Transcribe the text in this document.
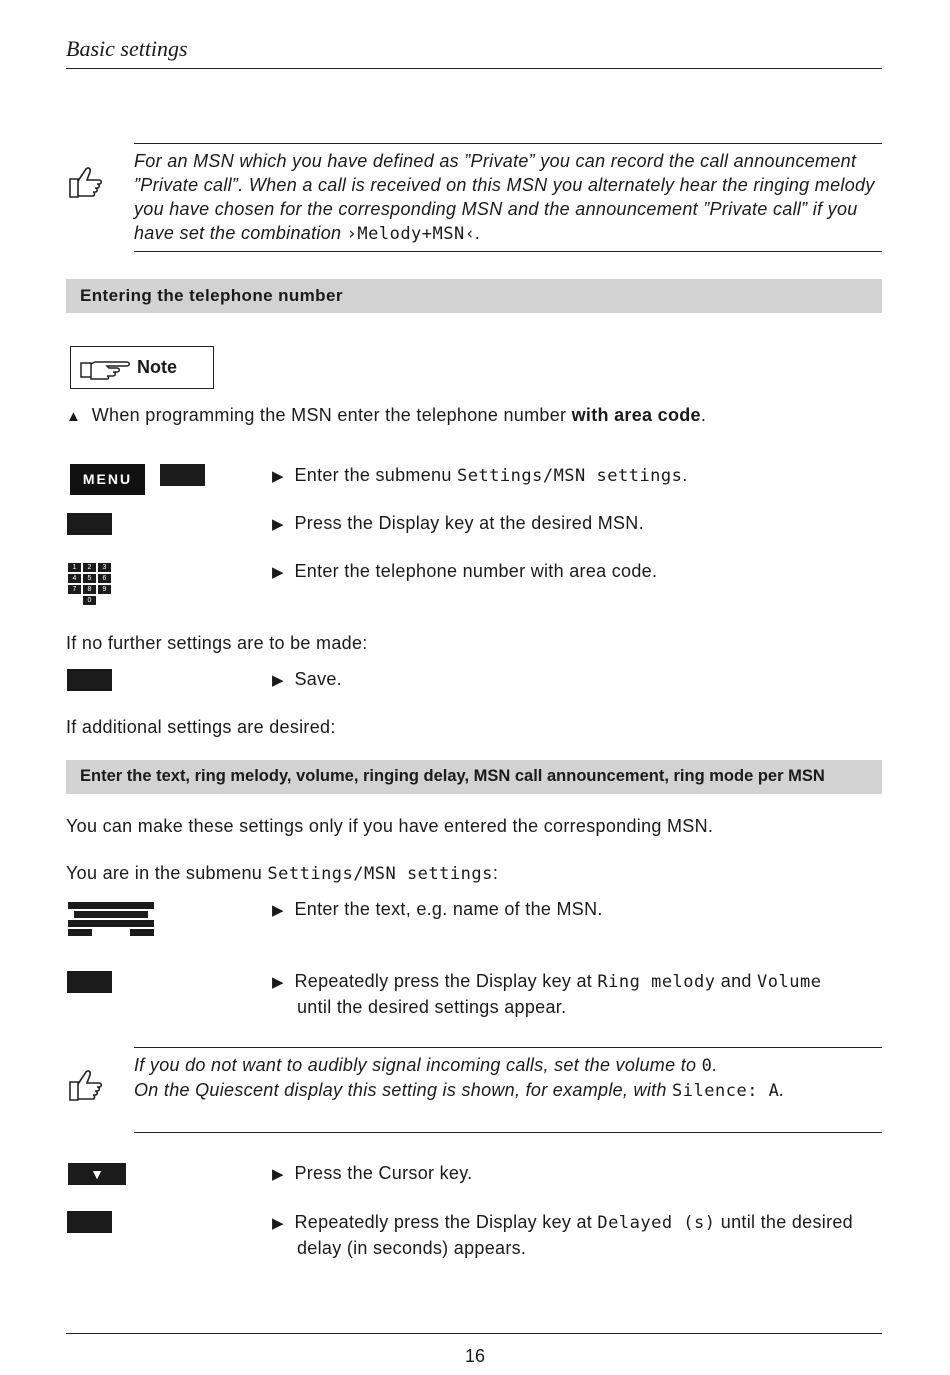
Basic settings
For an MSN which you have defined as ”Private” you can record the call announcement
”Private call”. When a call is received on this MSN you alternately hear the ringing melody
you have chosen for the corresponding MSN and the announcement ”Private call” if you
have set the combination ›Melody+MSN‹.
Entering the telephone number
Note
▲ When programming the MSN enter the telephone number with area code.
MENU	▶ Enter the submenu Settings/MSN settings.
▶ Press the Display key at the desired MSN.
1	2	3
4	5	6
7	8	9
0
▶  Enter the telephone number with area code.
If no further settings are to be made:
▶ Save.
If additional settings are desired:
Enter the text, ring melody, volume, ringing delay, MSN call announcement, ring mode per MSN
You can make these settings only if you have entered the corresponding MSN.
You are in the submenu Settings/MSN settings:
▶ Enter the text, e.g. name of the MSN.
▶ Repeatedly press the Display key at Ring melody and Volume
until the desired settings appear.
If you do not want to audibly signal incoming calls, set the volume to 0.
On the Quiescent display this setting is shown, for example, with Silence: A.
▼	▶ Press the Cursor key.
▶ Repeatedly press the Display key at Delayed (s) until the desired
delay (in seconds) appears.
16
